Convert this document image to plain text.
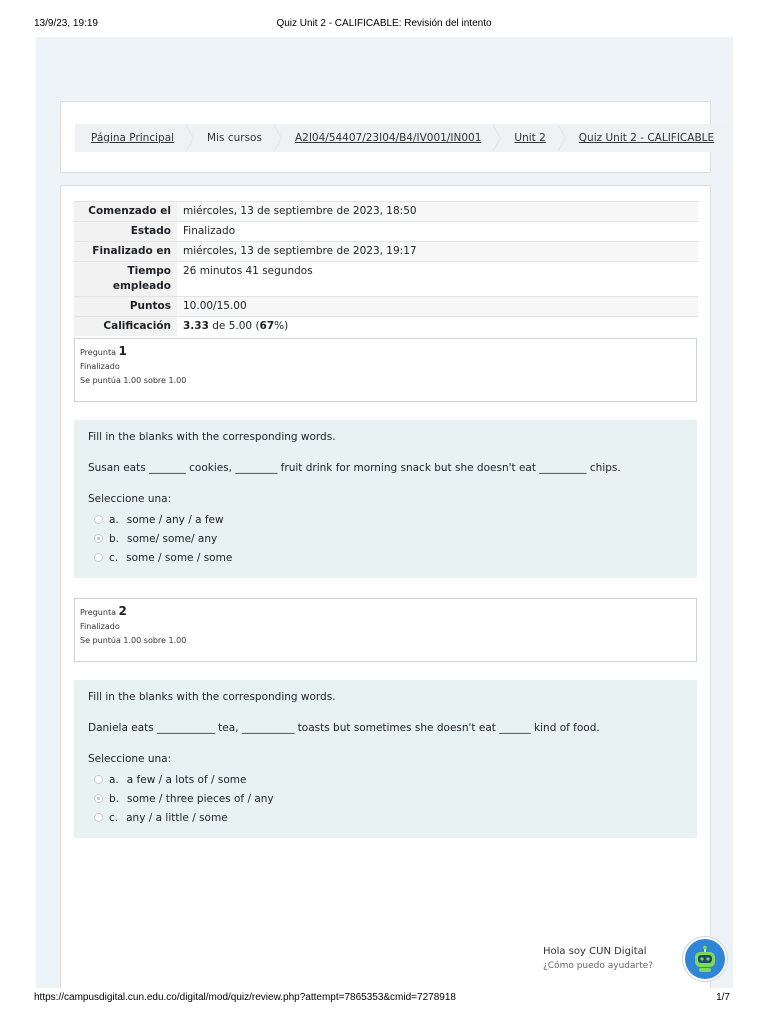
13/9/23, 19:19	Quiz Unit 2 - CALIFICABLE: Revisión del intento
Página Principal	Mis cursos	A2I04/54407/23I04/B4/IV001/IN001	Unit 2	Quiz Unit 2 - CALIFICABLE
Comenzado el	miércoles, 13 de septiembre de 2023, 18:50
Estado	Finalizado
Finalizado en	miércoles, 13 de septiembre de 2023, 19:17
Tiempo
empleado	26 minutos 41 segundos
Puntos	10.00/15.00
Calificación	3.33 de 5.00 (67%)
Pregunta 1
Finalizado
Se puntúa 1.00 sobre 1.00
Fill in the blanks with the corresponding words.
Susan eats _______ cookies, ________ fruit drink for morning snack but she doesn't eat _________ chips.
Seleccione una:
a. some / any / a few
b. some/ some/ any
c. some / some / some
Pregunta 2
Finalizado
Se puntúa 1.00 sobre 1.00
Fill in the blanks with the corresponding words.
Daniela eats ___________ tea, __________ toasts but sometimes she doesn't eat ______ kind of food.
Seleccione una:
a. a few / a lots of / some
b. some / three pieces of / any
c. any / a little / some
Hola soy CUN Digital
¿Cómo puedo ayudarte?
https://campusdigital.cun.edu.co/digital/mod/quiz/review.php?attempt=7865353&cmid=7278918	1/7
